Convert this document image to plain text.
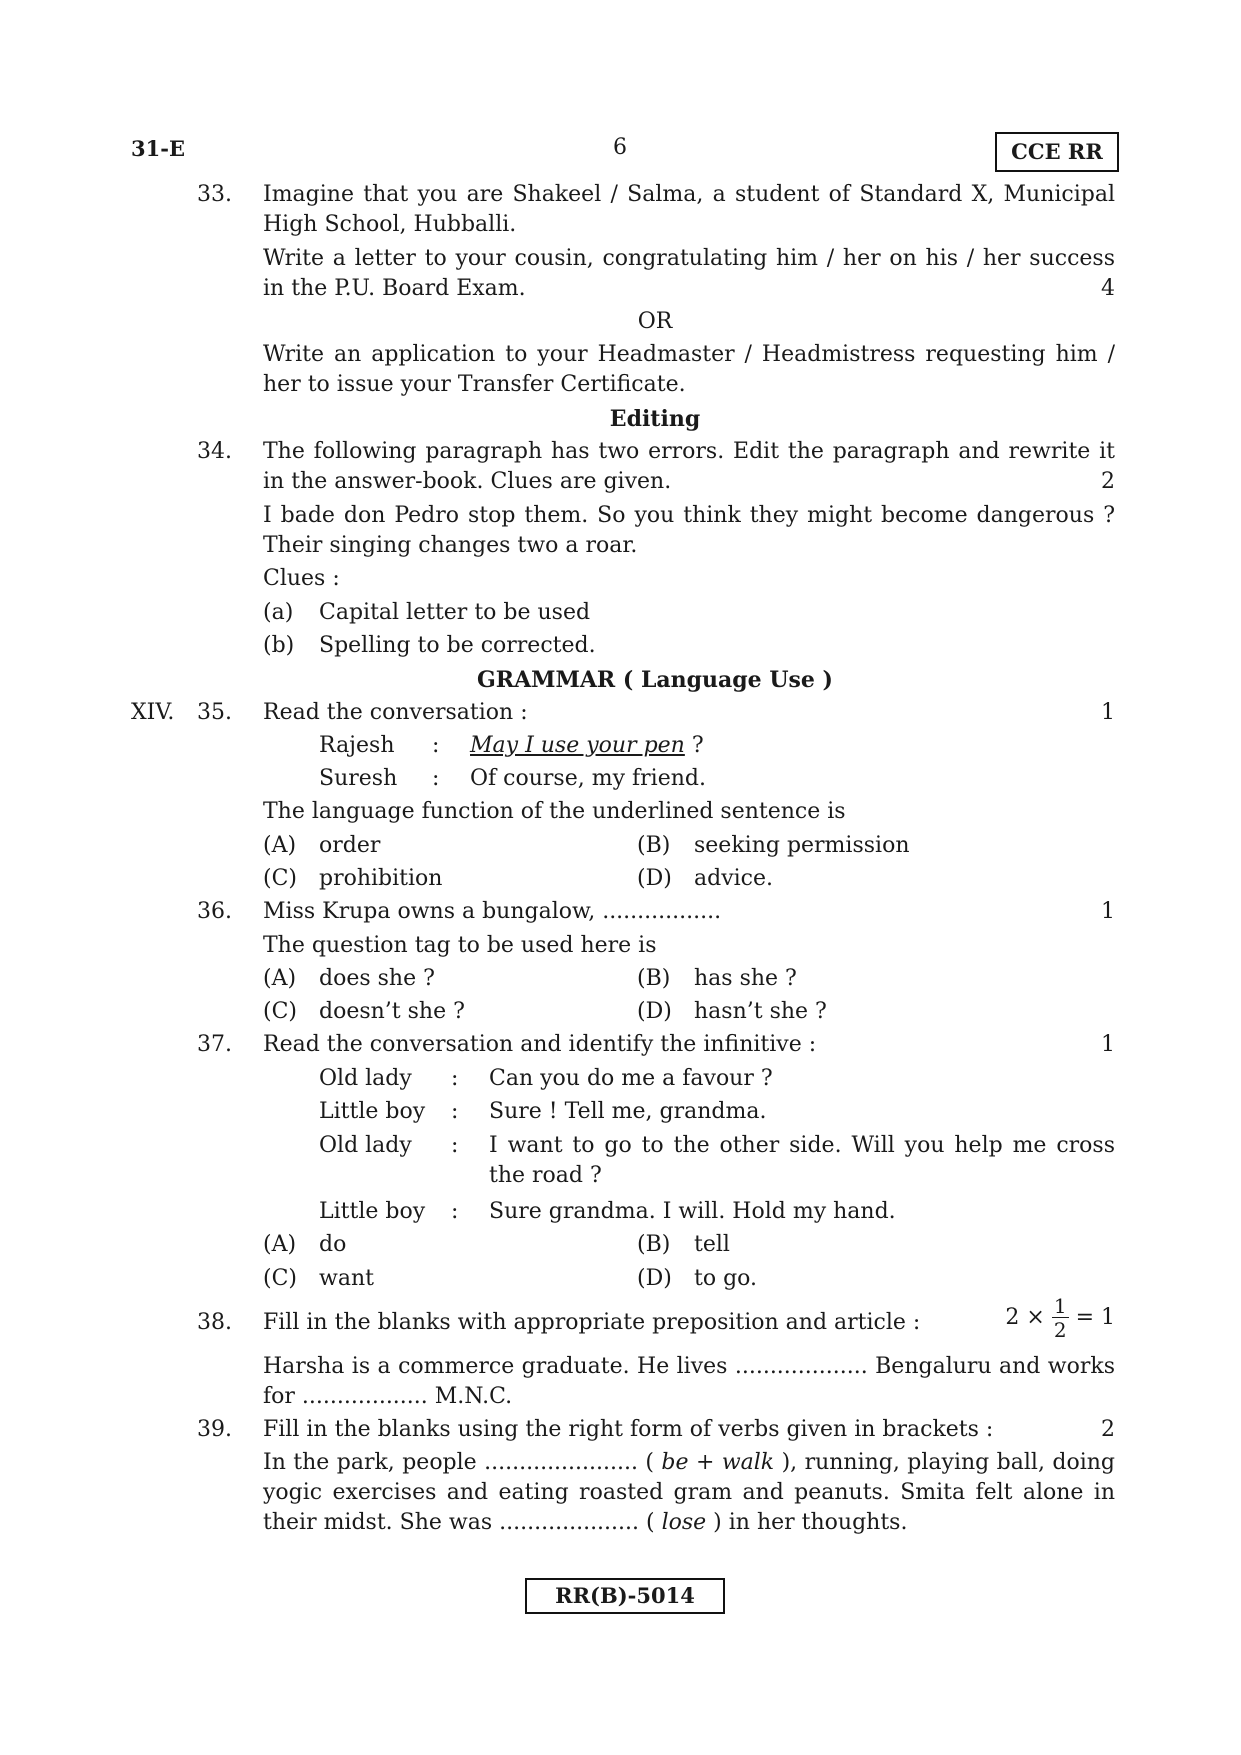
31-E	6	CCE RR
33.	Imagine that you are Shakeel / Salma, a student of Standard X, Municipal High School, Hubballi.
Write a letter to your cousin, congratulating him / her on his / her success in the P.U. Board Exam.	4
OR
Write an application to your Headmaster / Headmistress requesting him / her to issue your Transfer Certificate.
Editing
34.	The following paragraph has two errors. Edit the paragraph and rewrite it in the answer-book. Clues are given.	2
I bade don Pedro stop them. So you think they might become dangerous ? Their singing changes two a roar.
Clues :
(a) Capital letter to be used
(b) Spelling to be corrected.
GRAMMAR ( Language Use )
XIV. 35.	Read the conversation :	1
Rajesh : May I use your pen ?
Suresh : Of course, my friend.
The language function of the underlined sentence is
(A) order	(B) seeking permission
(C) prohibition	(D) advice.
36.	Miss Krupa owns a bungalow, .................	1
The question tag to be used here is
(A) does she ?	(B) has she ?
(C) doesn’t she ?	(D) hasn’t she ?
37.	Read the conversation and identify the infinitive :	1
Old lady : Can you do me a favour ?
Little boy : Sure ! Tell me, grandma.
Old lady : I want to go to the other side. Will you help me cross the road ?
Little boy : Sure grandma. I will. Hold my hand.
(A) do	(B) tell
(C) want	(D) to go.
38.	Fill in the blanks with appropriate preposition and article :	$2 \times \frac{1}{2} = 1$
Harsha is a commerce graduate. He lives ................... Bengaluru and works for .................. M.N.C.
39.	Fill in the blanks using the right form of verbs given in brackets :	2
In the park, people ...................... ( be + walk ), running, playing ball, doing yogic exercises and eating roasted gram and peanuts. Smita felt alone in their midst. She was .................... ( lose ) in her thoughts.
RR(B)-5014
